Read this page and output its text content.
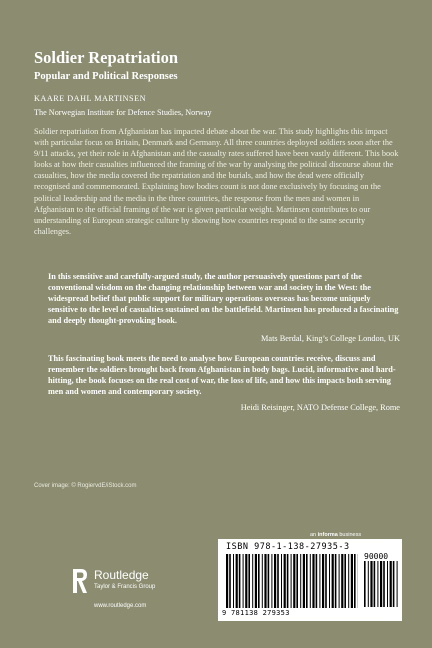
Soldier Repatriation
Popular and Political Responses
KAARE DAHL MARTINSEN
The Norwegian Institute for Defence Studies, Norway

Soldier repatriation from Afghanistan has impacted debate about the war. This study highlights this impact with particular focus on Britain, Denmark and Germany. All three countries deployed soldiers soon after the 9/11 attacks, yet their role in Afghanistan and the casualty rates suffered have been vastly different. This book looks at how their casualties influenced the framing of the war by analysing the political discourse about the casualties, how the media covered the repatriation and the burials, and how the dead were officially recognised and commemorated. Explaining how bodies count is not done exclusively by focusing on the political leadership and the media in the three countries, the response from the men and women in Afghanistan to the official framing of the war is given particular weight. Martinsen contributes to our understanding of European strategic culture by showing how countries respond to the same security challenges.

In this sensitive and carefully-argued study, the author persuasively questions part of the conventional wisdom on the changing relationship between war and society in the West: the widespread belief that public support for military operations overseas has become uniquely sensitive to the level of casualties sustained on the battlefield. Martinsen has produced a fascinating and deeply thought-provoking book.

Mats Berdal, King’s College London, UK

This fascinating book meets the need to analyse how European countries receive, discuss and remember the soldiers brought back from Afghanistan in body bags. Lucid, informative and hard-hitting, the book focuses on the real cost of war, the loss of life, and how this impacts both serving men and women and contemporary society.

Heidi Reisinger, NATO Defense College, Rome
Cover image: © RogiervdE/iStock.com
an informa business
ISBN 978-1-138-27935-3
90000
9 781138 279353
Routledge
Taylor & Francis Group
www.routledge.com
